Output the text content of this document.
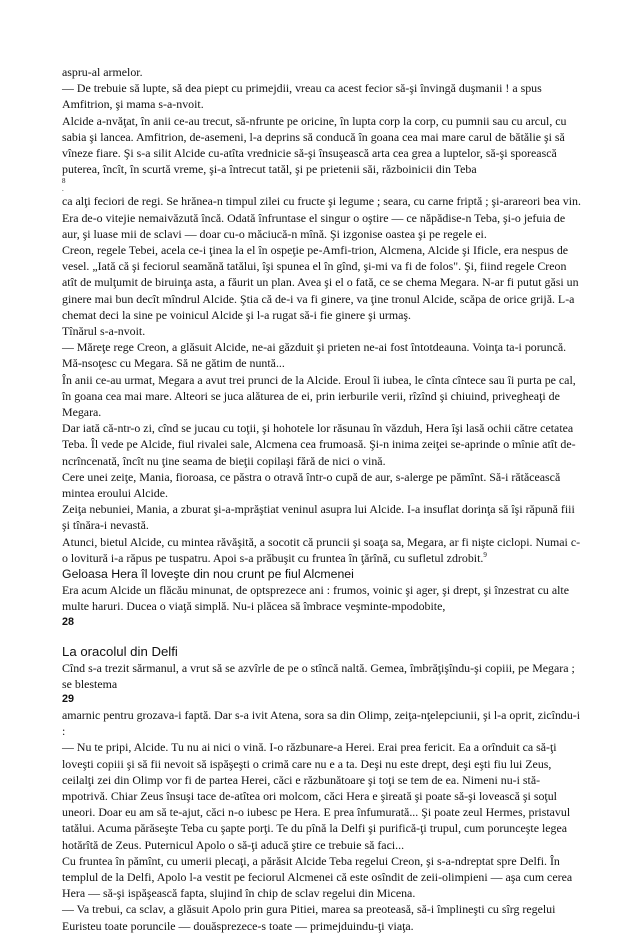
aspru-al armelor.

— De trebuie să lupte, să dea piept cu primejdii, vreau ca acest fecior să-şi învingă duşmanii ! a spus Amfitrion, şi mama s-a-nvoit.

Alcide a-nvăţat, în anii ce-au trecut, să-nfrunte pe oricine, în lupta corp la corp, cu pumnii sau cu arcul, cu sabia şi lancea. Amfitrion, de-asemeni, l-a deprins să conducă în goana cea mai mare carul de bătălie şi să vîneze fiare. Şi s-a silit Alcide cu-atîta vrednicie să-şi însuşească arta cea grea a luptelor, să-şi sporească puterea, încît, în scurtă vreme, şi-a întrecut tatăl, şi pe prietenii săi, războinicii din Teba

8
.

ca alţi feciori de regi. Se hrănea-n timpul zilei cu fructe şi legume ; seara, cu carne friptă ; şi-arareori bea vin. Era de-o vitejie nemaivăzută încă. Odată înfruntase el singur o oştire — ce năpădise-n Teba, şi-o jefuia de aur, şi luase mii de sclavi — doar cu-o măciucă-n mînă. Şi izgonise oastea şi pe regele ei.

Creon, regele Tebei, acela ce-i ţinea la el în ospeţie pe-Amfi-trion, Alcmena, Alcide şi Ificle, era nespus de vesel. „Iată că şi feciorul seamănă tatălui, îşi spunea el în gînd, şi-mi va fi de folos". Şi, fiind regele Creon atît de mulţumit de biruinţa asta, a făurit un plan. Avea şi el o fată, ce se chema Megara. N-ar fi putut găsi un ginere mai bun decît mîndrul Alcide. Ştia că de-i va fi ginere, va ţine tronul Alcide, scăpa de orice grijă. L-a chemat deci la sine pe voinicul Alcide şi l-a rugat să-i fie ginere şi urmaş.

Tînărul s-a-nvoit.

— Măreţe rege Creon, a glăsuit Alcide, ne-ai găzduit şi prieten ne-ai fost întotdeauna. Voinţa ta-i poruncă. Mă-nsoţesc cu Megara. Să ne gătim de nuntă...

În anii ce-au urmat, Megara a avut trei prunci de la Alcide. Eroul îi iubea, le cînta cîntece sau îi purta pe cal, în goana cea mai mare. Alteori se juca alăturea de ei, prin ierburile verii, rîzînd şi chiuind, privegheaţi de Megara.

Dar iată că-ntr-o zi, cînd se jucau cu toţii, şi hohotele lor răsunau în văzduh, Hera îşi lasă ochii către cetatea Teba. Îl vede pe Alcide, fiul rivalei sale, Alcmena cea frumoasă. Şi-n inima zeiţei se-aprinde o mînie atît de-ncrîncenată, încît nu ţine seama de bieţii copilaşi fără de nici o vină.

Cere unei zeiţe, Mania, fioroasa, ce păstra o otravă într-o cupă de aur, s-alerge pe pămînt. Să-i rătăcească mintea eroului Alcide.

Zeiţa nebuniei, Mania, a zburat şi-a-mprăştiat veninul asupra lui Alcide. I-a insuflat dorinţa să îşi răpună fiii şi tînăra-i nevastă.

Atunci, bietul Alcide, cu mintea răvăşită, a socotit că pruncii şi soaţa sa, Megara, ar fi nişte ciclopi. Numai c-o lovitură i-a răpus pe tuspatru. Apoi s-a prăbuşit cu fruntea în ţărînă, cu sufletul zdrobit.$^9$

Geloasa Hera îl loveşte din nou crunt pe fiul Alcmenei

Era acum Alcide un flăcău minunat, de optsprezece ani : frumos, voinic şi ager, şi drept, şi înzestrat cu alte multe haruri. Ducea o viaţă simplă. Nu-i plăcea să îmbrace veşminte-mpodobite,

28

La oracolul din Delfi

Cînd s-a trezit sărmanul, a vrut să se azvîrle de pe o stîncă naltă. Gemea, îmbrăţişîndu-şi copiii, pe Megara ; se blestema

29

amarnic pentru grozava-i faptă. Dar s-a ivit Atena, sora sa din Olimp, zeiţa-nţelepciunii, şi l-a oprit, zicîndu-i :

— Nu te pripi, Alcide. Tu nu ai nici o vină. I-o răzbunare-a Herei. Erai prea fericit. Ea a orînduit ca să-ţi loveşti copiii şi să fii nevoit să ispăşeşti o crimă care nu e a ta. Deşi nu este drept, deşi eşti fiu lui Zeus, ceilalţi zei din Olimp vor fi de partea Herei, căci e răzbunătoare şi toţi se tem de ea. Nimeni nu-i stă-mpotrivă. Chiar Zeus însuşi tace de-atîtea ori molcom, căci Hera e şireată şi poate să-şi lovească şi soţul uneori. Doar eu am să te-ajut, căci n-o iubesc pe Hera. E prea înfumurată... Şi poate zeul Hermes, pristavul tatălui. Acuma părăseşte Teba cu şapte porţi. Te du pînă la Delfi şi purifică-ţi trupul, cum porunceşte legea hotărîtă de Zeus. Puternicul Apolo o să-ţi aducă ştire ce trebuie să faci...

Cu fruntea în pămînt, cu umerii plecaţi, a părăsit Alcide Teba regelui Creon, şi s-a-ndreptat spre Delfi. În templul de la Delfi, Apolo l-a vestit pe feciorul Alcmenei că este osîndit de zeii-olimpieni — aşa cum cerea Hera — să-şi ispăşească fapta, slujind în chip de sclav regelui din Micena.

— Va trebui, ca sclav, a glăsuit Apolo prin gura Pitiei, marea sa preoteasă, să-i împlineşti cu sîrg regelui Euristeu toate poruncile — douăsprezece-s toate — primejduindu-ţi viaţa.
